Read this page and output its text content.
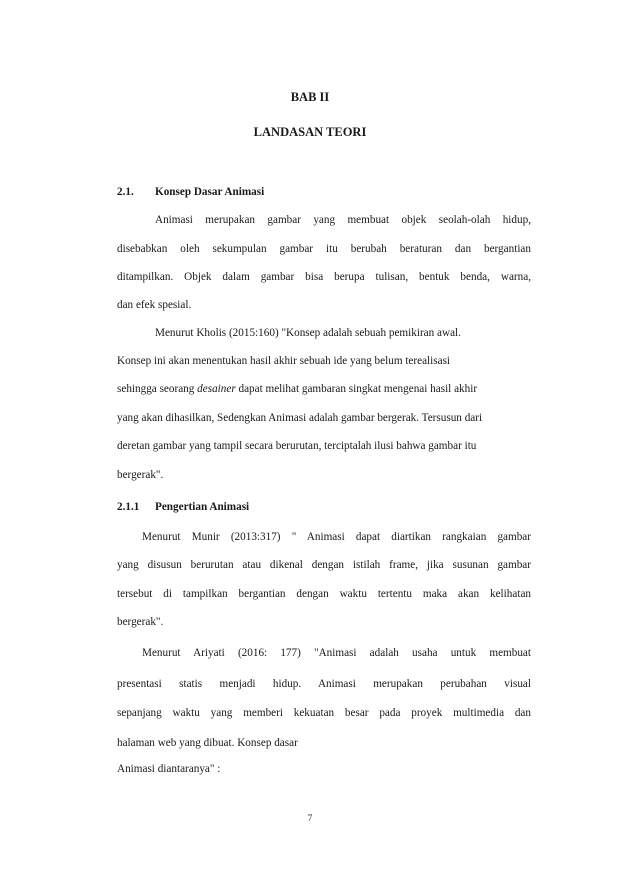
BAB II
LANDASAN TEORI
2.1. Konsep Dasar Animasi
Animasi merupakan gambar yang membuat objek seolah-olah hidup,
disebabkan oleh sekumpulan gambar itu berubah beraturan dan bergantian
ditampilkan. Objek dalam gambar bisa berupa tulisan, bentuk benda, warna,
dan efek spesial.
Menurut Kholis (2015:160) "Konsep adalah sebuah pemikiran awal.
Konsep ini akan menentukan hasil akhir sebuah ide yang belum terealisasi
sehingga seorang desainer dapat melihat gambaran singkat mengenai hasil akhir
yang akan dihasilkan, Sedengkan Animasi adalah gambar bergerak. Tersusun dari
deretan gambar yang tampil secara berurutan, terciptalah ilusi bahwa gambar itu
bergerak".
2.1.1 Pengertian Animasi
Menurut Munir (2013:317) " Animasi dapat diartikan rangkaian gambar
yang disusun berurutan atau dikenal dengan istilah frame, jika susunan gambar
tersebut di tampilkan bergantian dengan waktu tertentu maka akan kelihatan
bergerak".
Menurut Ariyati (2016: 177) "Animasi adalah usaha untuk membuat
presentasi statis menjadi hidup. Animasi merupakan perubahan visual
sepanjang waktu yang memberi kekuatan besar pada proyek multimedia dan
halaman web yang dibuat. Konsep dasar
Animasi diantaranya" :
7
